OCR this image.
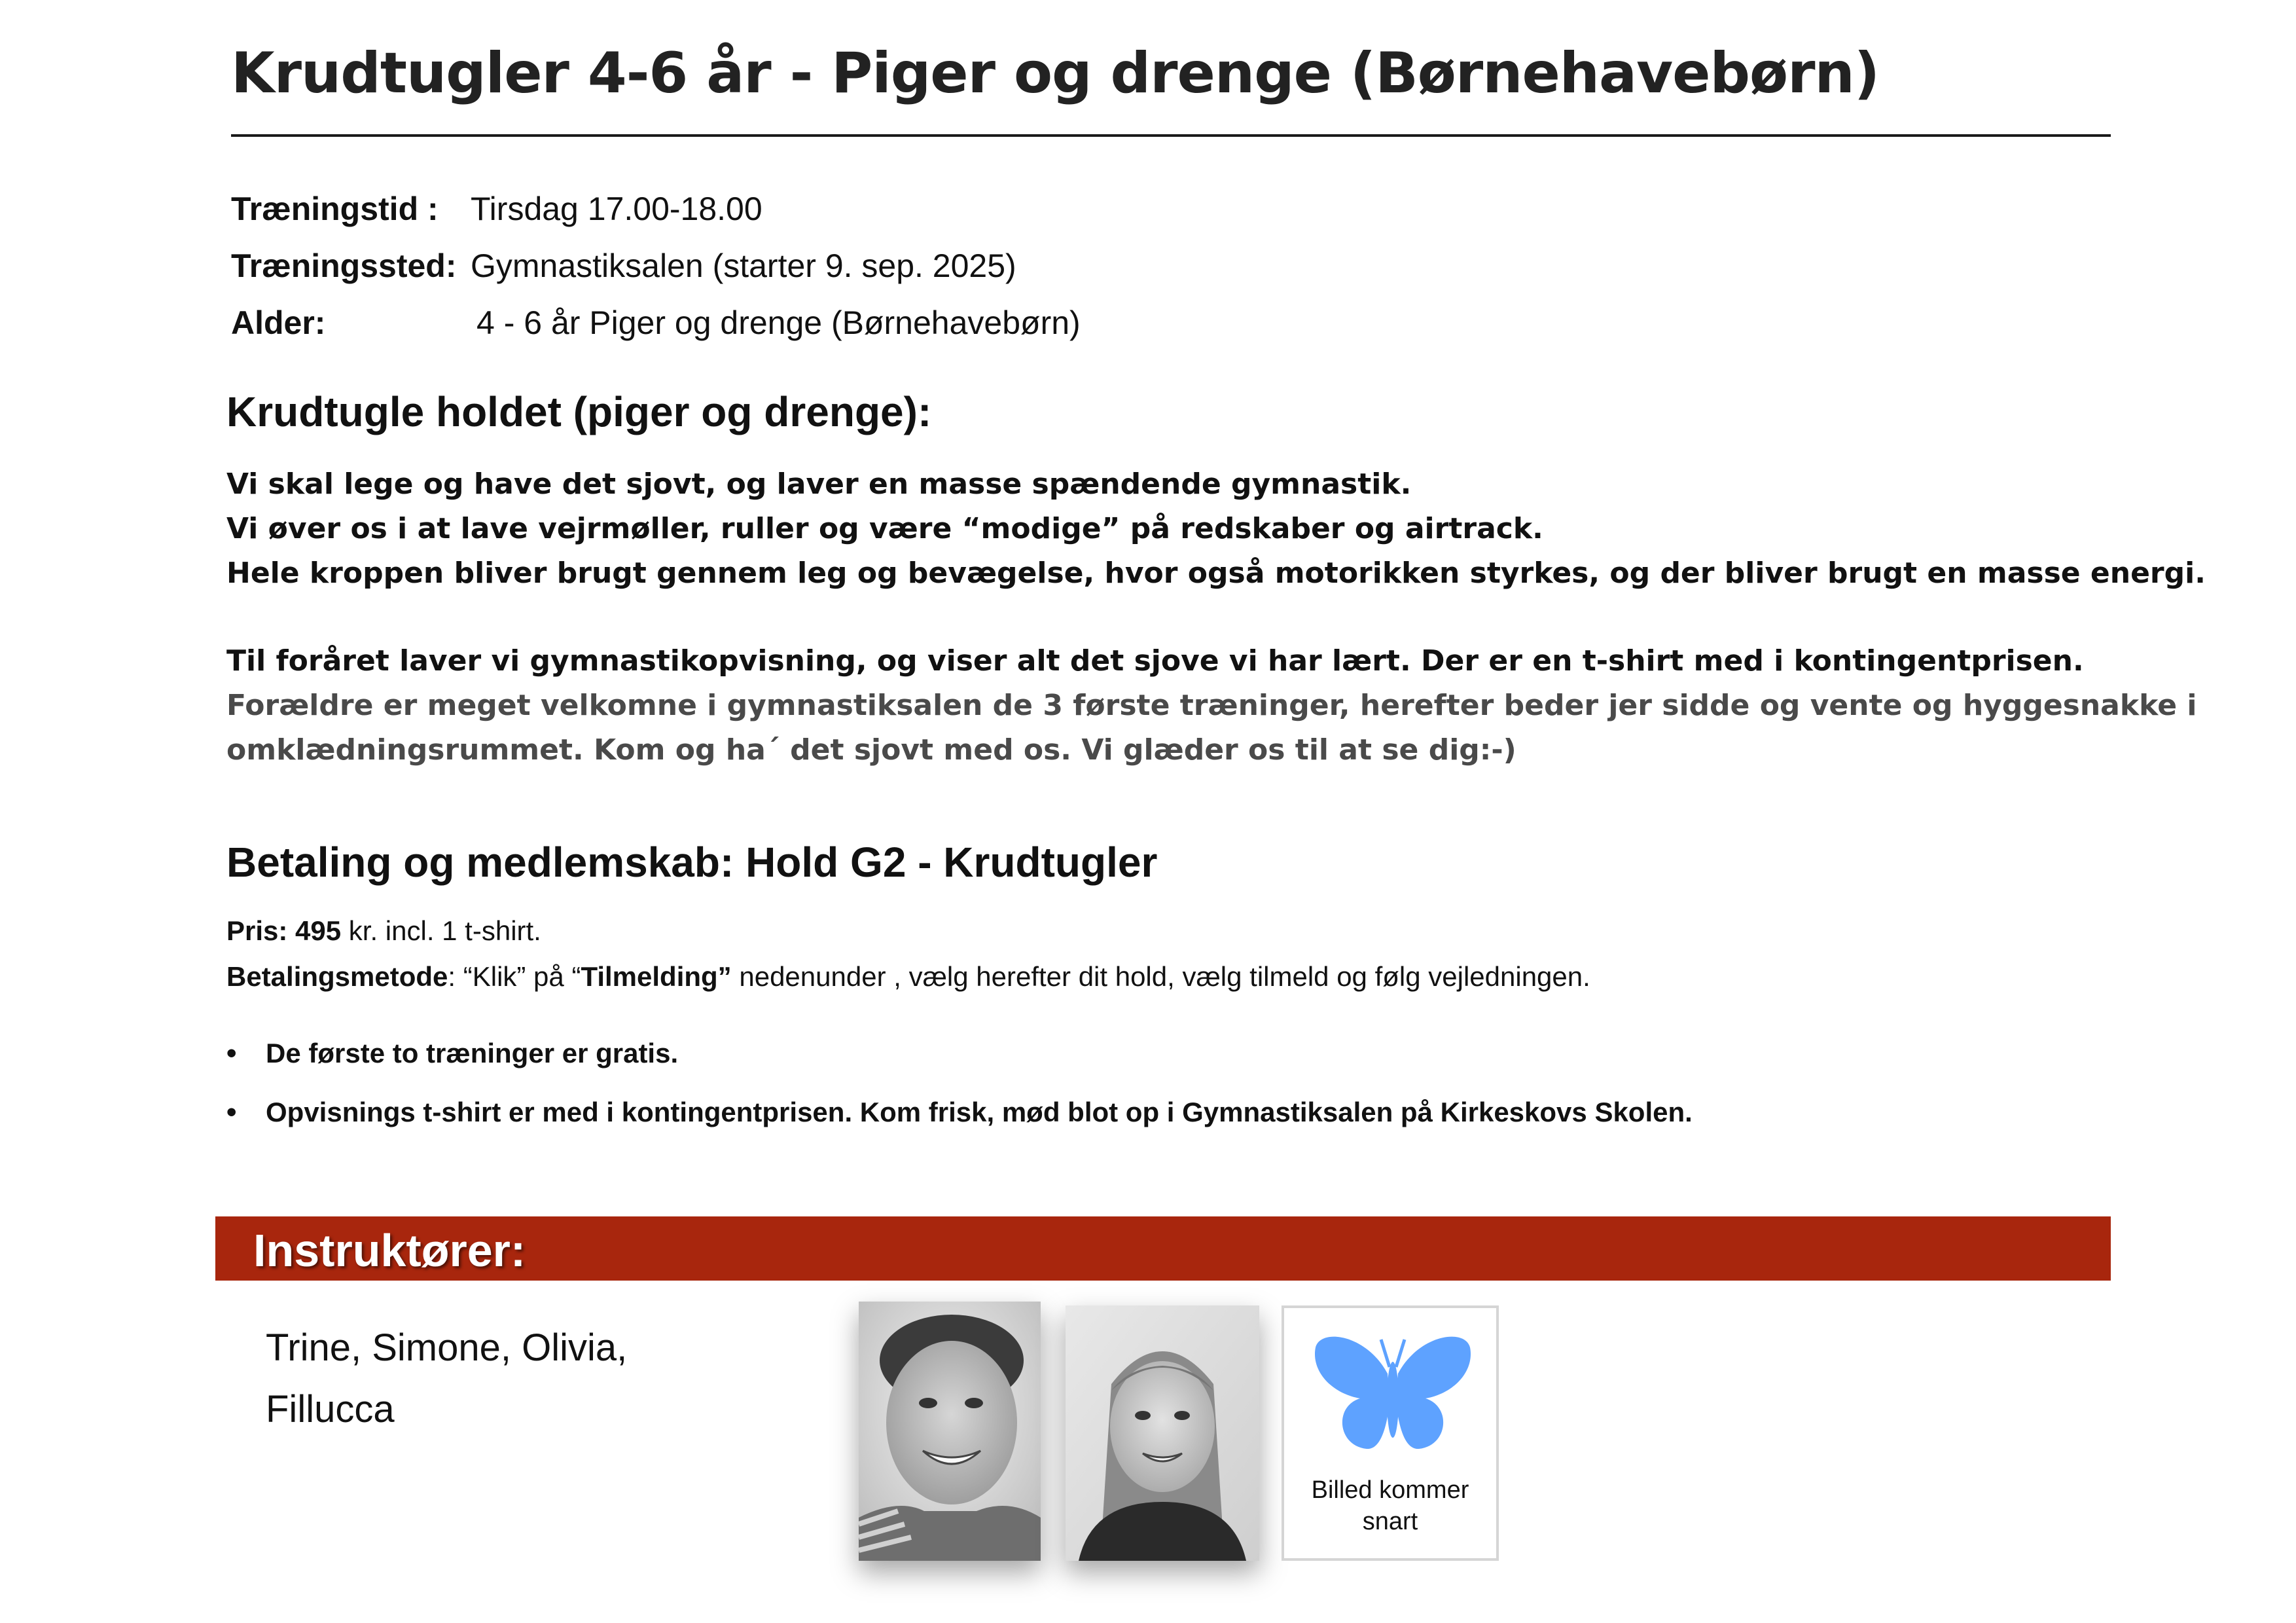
Krudtugler 4-6 år - Piger og drenge (Børnehavebørn)
Træningstid : Tirsdag 17.00-18.00
Træningssted: Gymnastiksalen (starter 9. sep. 2025)
Alder:	4 - 6 år Piger og drenge (Børnehavebørn)
Krudtugle holdet (piger og drenge):
Vi skal lege og have det sjovt, og laver en masse spændende gymnastik.
Vi øver os i at lave vejrmøller, ruller og være “modige” på redskaber og airtrack.
Hele kroppen bliver brugt gennem leg og bevægelse, hvor også motorikken styrkes, og der bliver brugt en masse energi.
Til foråret laver vi gymnastikopvisning, og viser alt det sjove vi har lært. Der er en t-shirt med i kontingentprisen.
Forældre er meget velkomne i gymnastiksalen de 3 første træninger, herefter beder jer sidde og vente og hyggesnakke i
omklædningsrummet. Kom og ha´ det sjovt med os. Vi glæder os til at se dig:-)
Betaling og medlemskab: Hold G2 - Krudtugler
Pris: 495 kr. incl. 1 t-shirt.
Betalingsmetode: “Klik” på “Tilmelding” nedenunder , vælg herefter dit hold, vælg tilmeld og følg vejledningen.
• De første to træninger er gratis.
• Opvisnings t-shirt er med i kontingentprisen. Kom frisk, mød blot op i Gymnastiksalen på Kirkeskovs Skolen.
Instruktører:
Trine, Simone, Olivia,
Fillucca
Billed kommer
snart
